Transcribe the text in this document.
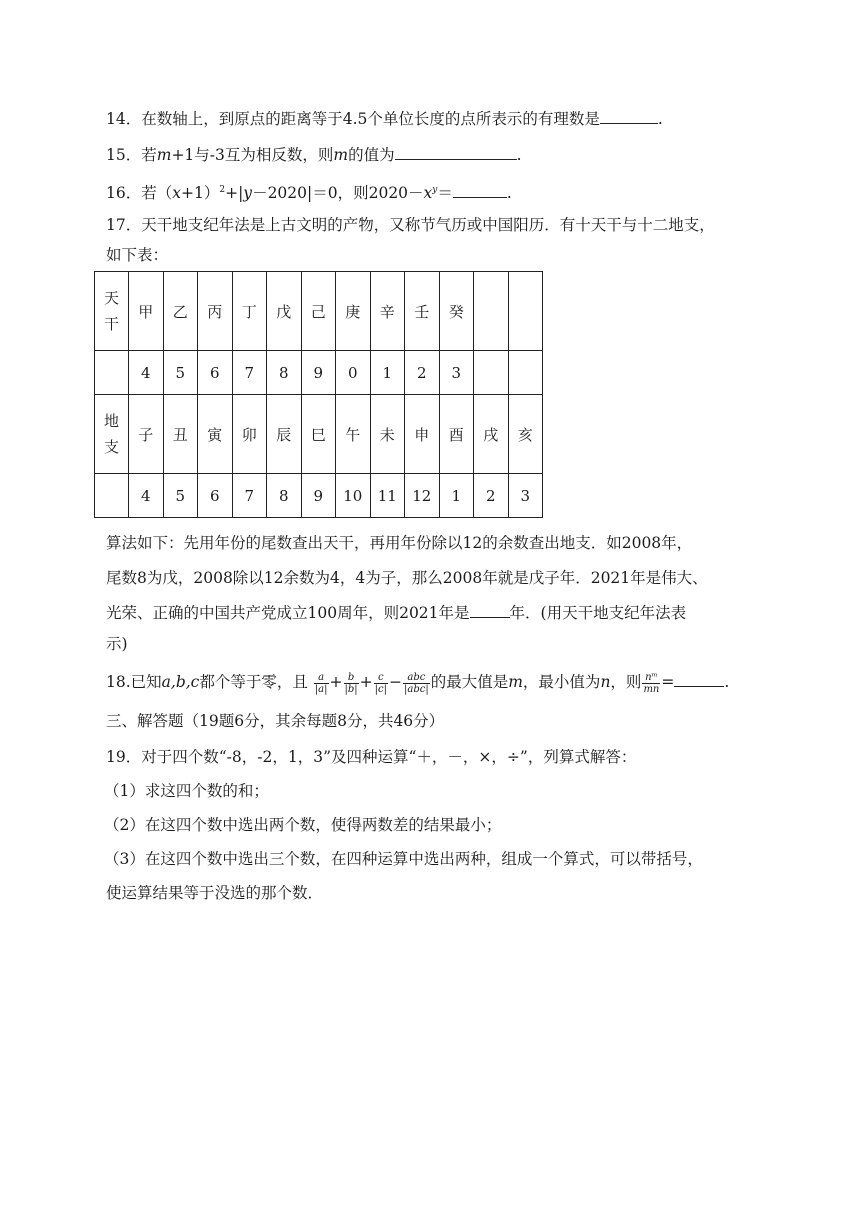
14．在数轴上，到原点的距离等于4.5个单位长度的点所表示的有理数是	.
15．若m+1与-3互为相反数，则m的值为	.
16．若$(x+1)^2+|y-2020|=0$，则$2020-x^y=$	.
17．天干地支纪年法是上古文明的产物，又称节气历或中国阳历．有十天干与十二地支，
如下表：
天
干	甲	乙	丙	丁	戊	己	庚	辛	壬	癸		
	4	5	6	7	8	9	0	1	2	3		
地
支	子	丑	寅	卯	辰	巳	午	未	申	酉	戌	亥
	4	5	6	7	8	9	10	11	12	1	2	3
算法如下：先用年份的尾数查出天干，再用年份除以12的余数查出地支．如2008年，
尾数8为戊，2008除以12余数为4，4为子，那么2008年就是戊子年．2021年是伟大、
光荣、正确的中国共产党成立100周年，则2021年是	年．(用天干地支纪年法表
示)
18.已知a,b,c都个等于零，且 $\frac{a}{|a|} + \frac{b}{|b|} + \frac{c}{|c|} - \frac{\text{abc}}{\text{|abc|}}$ 的最大值是m，最小值为n，则 $\frac{\text{nᵐ}}{mn}$ =	.
三、解答题（19题6分，其余每题8分，共46分）
19．对于四个数“-8，-2，1，3”及四种运算“＋，－，×，÷”，列算式解答：
（1）求这四个数的和；
（2）在这四个数中选出两个数，使得两数差的结果最小；
（3）在这四个数中选出三个数，在四种运算中选出两种，组成一个算式，可以带括号，
使运算结果等于没选的那个数．
